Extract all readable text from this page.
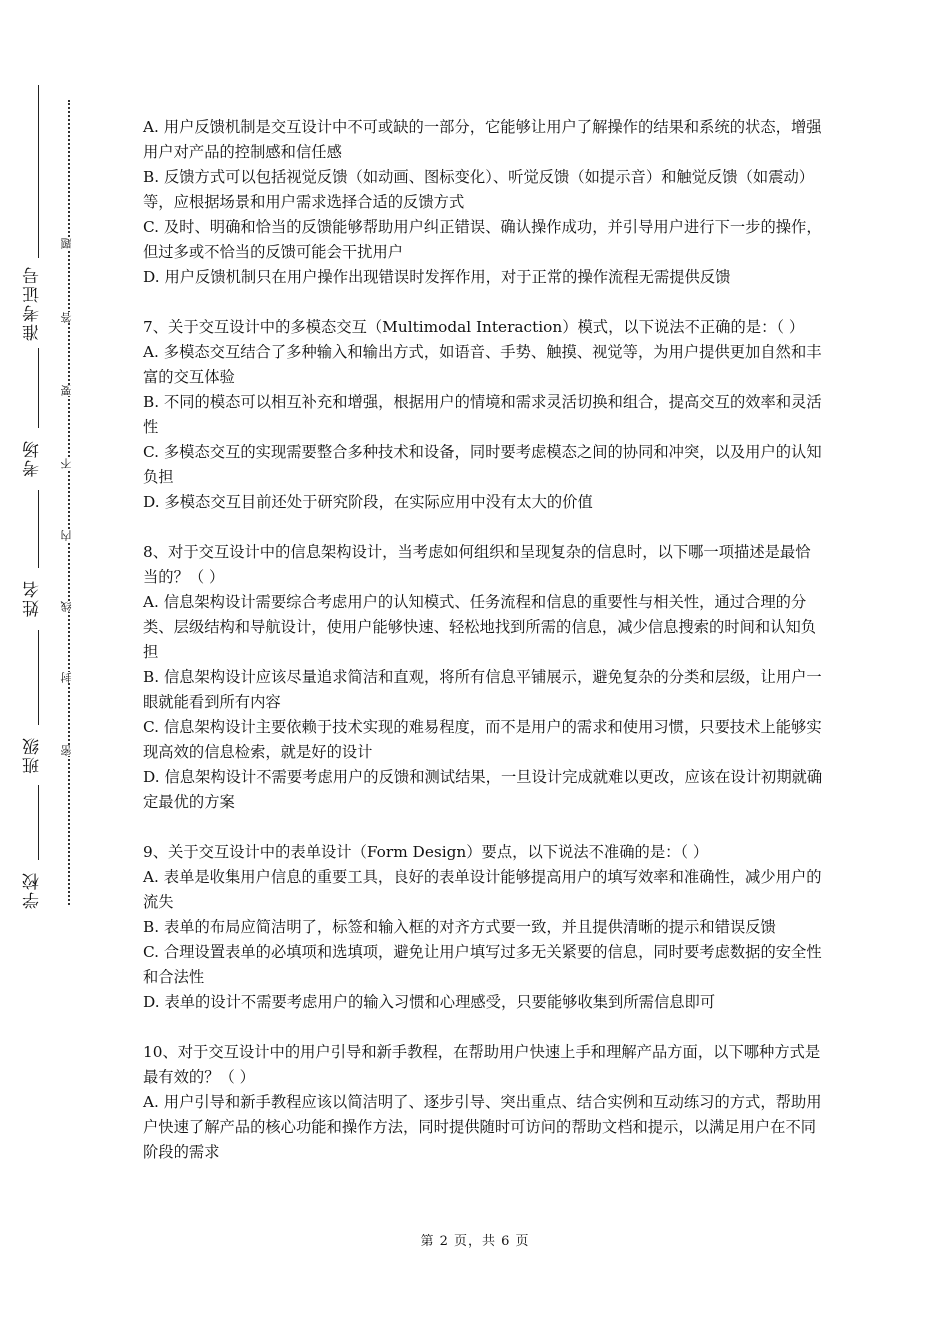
学校
班级
姓名
考场
准考证号
题
答
要
不
内
线
封
密

A. 用户反馈机制是交互设计中不可或缺的一部分，它能够让用户了解操作的结果和系统的状态，增强用户对产品的控制感和信任感

B. 反馈方式可以包括视觉反馈（如动画、图标变化）、听觉反馈（如提示音）和触觉反馈（如震动）等，应根据场景和用户需求选择合适的反馈方式

C. 及时、明确和恰当的反馈能够帮助用户纠正错误、确认操作成功，并引导用户进行下一步的操作，但过多或不恰当的反馈可能会干扰用户

D. 用户反馈机制只在用户操作出现错误时发挥作用，对于正常的操作流程无需提供反馈

7、关于交互设计中的多模态交互（Multimodal Interaction）模式，以下说法不正确的是：（ ）

A. 多模态交互结合了多种输入和输出方式，如语音、手势、触摸、视觉等，为用户提供更加自然和丰富的交互体验

B. 不同的模态可以相互补充和增强，根据用户的情境和需求灵活切换和组合，提高交互的效率和灵活性

C. 多模态交互的实现需要整合多种技术和设备，同时要考虑模态之间的协同和冲突，以及用户的认知负担

D. 多模态交互目前还处于研究阶段，在实际应用中没有太大的价值

8、对于交互设计中的信息架构设计，当考虑如何组织和呈现复杂的信息时，以下哪一项描述是最恰当的？（ ）

A. 信息架构设计需要综合考虑用户的认知模式、任务流程和信息的重要性与相关性，通过合理的分类、层级结构和导航设计，使用户能够快速、轻松地找到所需的信息，减少信息搜索的时间和认知负担

B. 信息架构设计应该尽量追求简洁和直观，将所有信息平铺展示，避免复杂的分类和层级，让用户一眼就能看到所有内容

C. 信息架构设计主要依赖于技术实现的难易程度，而不是用户的需求和使用习惯，只要技术上能够实现高效的信息检索，就是好的设计

D. 信息架构设计不需要考虑用户的反馈和测试结果，一旦设计完成就难以更改，应该在设计初期就确定最优的方案

9、关于交互设计中的表单设计（Form Design）要点，以下说法不准确的是：（ ）

A. 表单是收集用户信息的重要工具，良好的表单设计能够提高用户的填写效率和准确性，减少用户的流失

B. 表单的布局应简洁明了，标签和输入框的对齐方式要一致，并且提供清晰的提示和错误反馈

C. 合理设置表单的必填项和选填项，避免让用户填写过多无关紧要的信息，同时要考虑数据的安全性和合法性

D. 表单的设计不需要考虑用户的输入习惯和心理感受，只要能够收集到所需信息即可

10、对于交互设计中的用户引导和新手教程，在帮助用户快速上手和理解产品方面，以下哪种方式是最有效的？（ ）

A. 用户引导和新手教程应该以简洁明了、逐步引导、突出重点、结合实例和互动练习的方式，帮助用户快速了解产品的核心功能和操作方法，同时提供随时可访问的帮助文档和提示，以满足用户在不同阶段的需求

第 2 页，共 6 页
